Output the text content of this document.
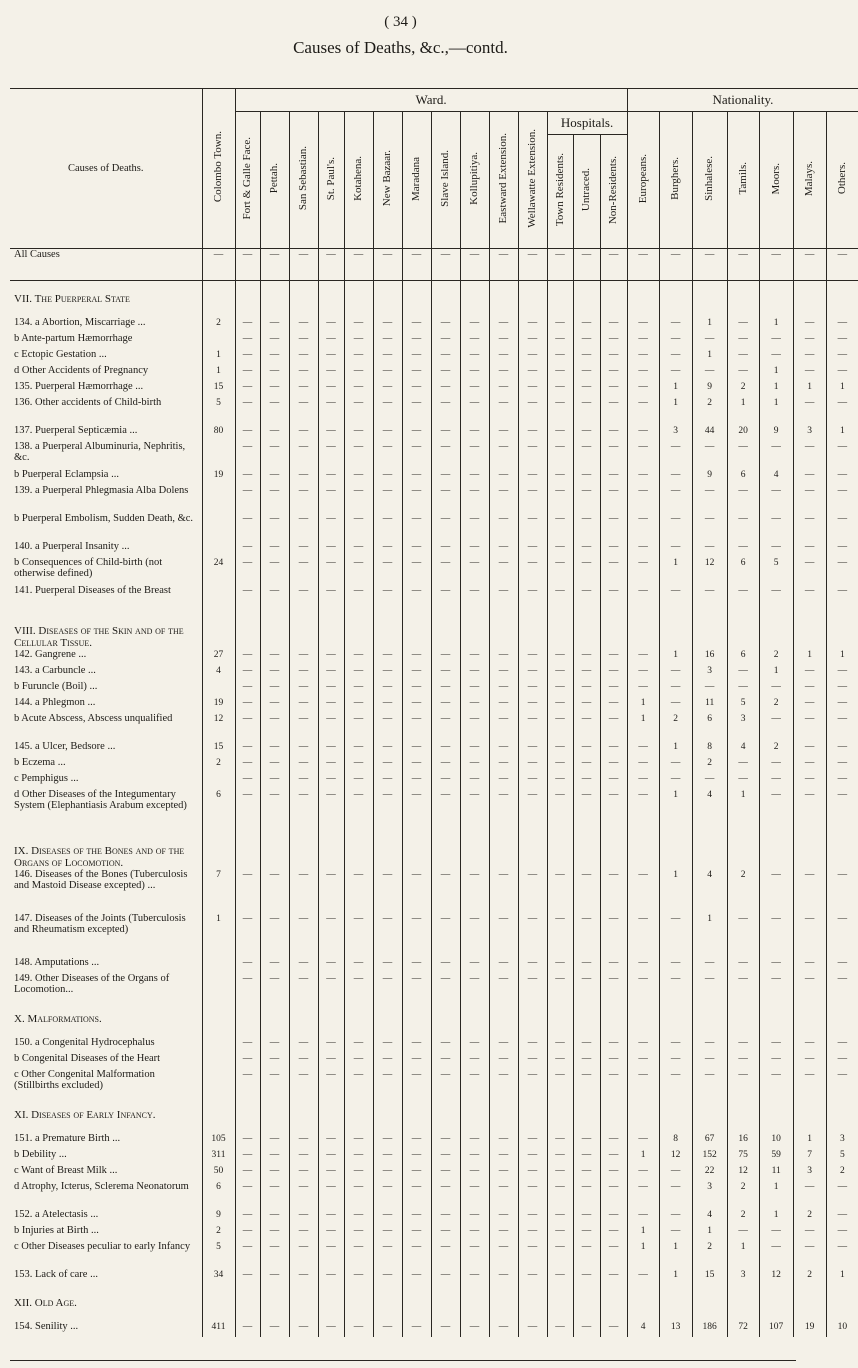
( 34 )
Causes of Deaths, &c.,—contd.
Causes of Deaths.	Colombo Town.	Ward.														Nationality.						
		Fort & Galle Face.	Pettah.	San Sebastian.	St. Paul's.	Kotahena.	New Bazaar.	Maradana	Slave Island.	Kollupitiya.	Eastward Extension.	Wellawatte Extension.	Hospitals.			Europeans.	Burghers.	Sinhalese.	Tamils.	Moors.	Malays.	Others.
													Town Residents.	Untraced.	Non-Residents.							
All Causes	—	—	—	—	—	—	—	—	—	—	—	—	—	—	—	—	—	—	—	—	—	—
VII. The Puerperal State																						
134. a Abortion, Miscarriage ...	2	—	—	—	—	—	—	—	—	—	—	—	—	—	—	—	—	1	—	1	—	—
b Ante-partum Hæmorrhage		—	—	—	—	—	—	—	—	—	—	—	—	—	—	—	—	—	—	—	—	—
c Ectopic Gestation ...	1	—	—	—	—	—	—	—	—	—	—	—	—	—	—	—	—	1	—	—	—	—
d Other Accidents of Pregnancy	1	—	—	—	—	—	—	—	—	—	—	—	—	—	—	—	—	—	—	1	—	—
135. Puerperal Hæmorrhage ...	15	—	—	—	—	—	—	—	—	—	—	—	—	—	—	—	1	9	2	1	1	1
136. Other accidents of Child-birth	5	—	—	—	—	—	—	—	—	—	—	—	—	—	—	—	1	2	1	1	—	—
137. Puerperal Septicæmia ...	80	—	—	—	—	—	—	—	—	—	—	—	—	—	—	—	3	44	20	9	3	1
138. a Puerperal Albuminuria, Nephritis, &c.		—	—	—	—	—	—	—	—	—	—	—	—	—	—	—	—	—	—	—	—	—
b Puerperal Eclampsia ...	19	—	—	—	—	—	—	—	—	—	—	—	—	—	—	—	—	9	6	4	—	—
139. a Puerperal Phlegmasia Alba Dolens		—	—	—	—	—	—	—	—	—	—	—	—	—	—	—	—	—	—	—	—	—
b Puerperal Embolism, Sudden Death, &c.		—	—	—	—	—	—	—	—	—	—	—	—	—	—	—	—	—	—	—	—	—
140. a Puerperal Insanity ...		—	—	—	—	—	—	—	—	—	—	—	—	—	—	—	—	—	—	—	—	—
b Consequences of Child-birth (not otherwise defined)	24	—	—	—	—	—	—	—	—	—	—	—	—	—	—	—	1	12	6	5	—	—
141. Puerperal Diseases of the Breast		—	—	—	—	—	—	—	—	—	—	—	—	—	—	—	—	—	—	—	—	—
VIII. Diseases of the Skin and of the Cellular Tissue.																						
142. Gangrene ...	27	—	—	—	—	—	—	—	—	—	—	—	—	—	—	—	1	16	6	2	1	1
143. a Carbuncle ...	4	—	—	—	—	—	—	—	—	—	—	—	—	—	—	—	—	3	—	1	—	—
b Furuncle (Boil) ...		—	—	—	—	—	—	—	—	—	—	—	—	—	—	—	—	—	—	—	—	—
144. a Phlegmon ...	19	—	—	—	—	—	—	—	—	—	—	—	—	—	—	1	—	11	5	2	—	—
b Acute Abscess, Abscess unqualified	12	—	—	—	—	—	—	—	—	—	—	—	—	—	—	1	2	6	3	—	—	—
145. a Ulcer, Bedsore ...	15	—	—	—	—	—	—	—	—	—	—	—	—	—	—	—	1	8	4	2	—	—
b Eczema ...	2	—	—	—	—	—	—	—	—	—	—	—	—	—	—	—	—	2	—	—	—	—
c Pemphigus ...		—	—	—	—	—	—	—	—	—	—	—	—	—	—	—	—	—	—	—	—	—
d Other Diseases of the Integumentary System (Elephantiasis Arabum excepted)	6	—	—	—	—	—	—	—	—	—	—	—	—	—	—	—	1	4	1	—	—	—
IX. Diseases of the Bones and of the Organs of Locomotion.																						
146. Diseases of the Bones (Tuberculosis and Mastoid Disease excepted) ...	7	—	—	—	—	—	—	—	—	—	—	—	—	—	—	—	1	4	2	—	—	—
147. Diseases of the Joints (Tuberculosis and Rheumatism excepted)	1	—	—	—	—	—	—	—	—	—	—	—	—	—	—	—	—	1	—	—	—	—
148. Amputations ...		—	—	—	—	—	—	—	—	—	—	—	—	—	—	—	—	—	—	—	—	—
149. Other Diseases of the Organs of Locomotion...		—	—	—	—	—	—	—	—	—	—	—	—	—	—	—	—	—	—	—	—	—
X. Malformations.																						
150. a Congenital Hydrocephalus		—	—	—	—	—	—	—	—	—	—	—	—	—	—	—	—	—	—	—	—	—
b Congenital Diseases of the Heart		—	—	—	—	—	—	—	—	—	—	—	—	—	—	—	—	—	—	—	—	—
c Other Congenital Malformation (Stillbirths excluded)		—	—	—	—	—	—	—	—	—	—	—	—	—	—	—	—	—	—	—	—	—
XI. Diseases of Early Infancy.																						
151. a Premature Birth ...	105	—	—	—	—	—	—	—	—	—	—	—	—	—	—	—	8	67	16	10	1	3
b Debility ...	311	—	—	—	—	—	—	—	—	—	—	—	—	—	—	1	12	152	75	59	7	5
c Want of Breast Milk ...	50	—	—	—	—	—	—	—	—	—	—	—	—	—	—	—	—	22	12	11	3	2
d Atrophy, Icterus, Sclerema Neonatorum	6	—	—	—	—	—	—	—	—	—	—	—	—	—	—	—	—	3	2	1	—	—
152. a Atelectasis ...	9	—	—	—	—	—	—	—	—	—	—	—	—	—	—	—	—	4	2	1	2	—
b Injuries at Birth ...	2	—	—	—	—	—	—	—	—	—	—	—	—	—	—	1	—	1	—	—	—	—
c Other Diseases peculiar to early Infancy	5	—	—	—	—	—	—	—	—	—	—	—	—	—	—	1	1	2	1	—	—	—
153. Lack of care ...	34	—	—	—	—	—	—	—	—	—	—	—	—	—	—	—	1	15	3	12	2	1
XII. Old Age.																						
154. Senility ...	411	—	—	—	—	—	—	—	—	—	—	—	—	—	—	4	13	186	72	107	19	10
